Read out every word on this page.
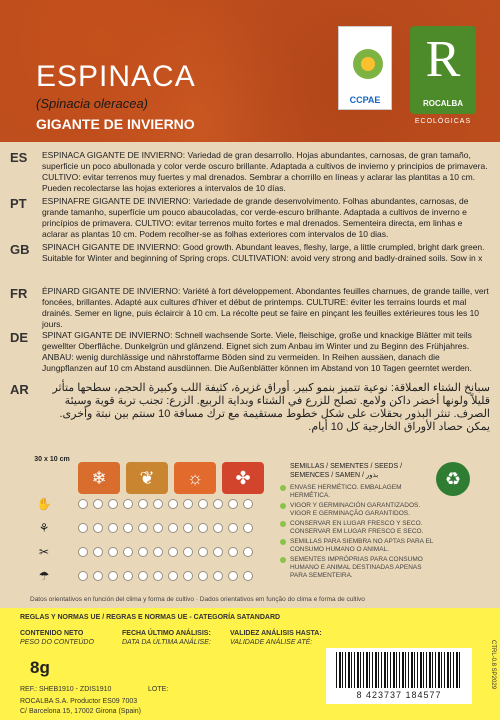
ESPINACA
(Spinacia oleracea)
GIGANTE DE INVIERNO
CCPAE
R
ROCALBA
ECOLÓGICAS
ES	ESPINACA GIGANTE DE INVIERNO: Variedad de gran desarrollo. Hojas abundantes, carnosas, de gran tamaño, superficie un poco abullonada y color verde oscuro brillante. Adaptada a cultivos de invierno y principios de primavera. CULTIVO: evitar terrenos muy fuertes y mal drenados. Sembrar a chorrillo en líneas y aclarar las plantitas a 10 cm. Pueden recolectarse las hojas exteriores a intervalos de 10 días.
PT	ESPINAFRE GIGANTE DE INVIERNO: Variedade de grande desenvolvimento. Folhas abundantes, carnosas, de grande tamanho, superfície um pouco abaucoladas, cor verde-escuro brilhante. Adaptada a cultivos de inverno e princípios de primavera. CULTIVO: evitar terrenos muito fortes e mal drenados. Sementeira directa, em linhas e aclarar as plantas 10 cm. Podem recolher-se as folhas exteriores com intervalos de 10 dias.
GB	SPINACH GIGANTE DE INVIERNO: Good growth. Abundant leaves, fleshy, large, a little crumpled, bright dark green. Suitable for Winter and beginning of Spring crops. CULTIVATION: avoid very strong and badly-drained soils. Sow in x
FR	ÉPINARD GIGANTE DE INVIERNO: Variété à fort développement. Abondantes feuilles charnues, de grande taille, vert foncées, brillantes. Adapté aux cultures d'hiver et début de printemps. CULTURE: éviter les terrains lourds et mal drainés. Semer en ligne, puis éclaircir à 10 cm. La récolte peut se faire en pinçant les feuilles extérieures tous les 10 jours.
DE	SPINAT GIGANTE DE INVIERNO: Schnell wachsende Sorte. Viele, fleischige, große und knackige Blätter mit teils gewellter Oberfläche. Dunkelgrün und glänzend. Eignet sich zum Anbau im Winter und zu Beginn des Frühjahres. ANBAU: wenig durchlässige und nährstoffarme Böden sind zu vermeiden. In Reihen aussäen, danach die Jungpflanzen auf 10 cm Abstand ausdünnen. Die Außenblätter können im Abstand von 10 Tagen geerntet werden.
AR	سبانخ الشتاء العملاقة: نوعية تتميز بنمو كبير. أوراق غزيرة، كثيفة اللب وكبيرة الحجم، سطحها متأثر قليلاً ولونها أخضر داكن ولامع. تصلح للزرع في الشتاء وبداية الربيع. الزرع: تجنب تربة قوية وسيئة الصرف. تنثر البذور بحقلات على شكل خطوط مستقيمة مع ترك مسافة 10 سنتم بين نبتة وأخرى. يمكن حصاد الأوراق الخارجية كل 10 أيام.
30 x 10 cm
❄	❦	☼	✤
✋
⚘
✂
☂
SEMILLAS / SEMENTES / SEEDS /
SEMENCES / SAMEN / بذور
ENVASE HERMÉTICO. EMBALAGEM HERMÉTICA.
VIGOR Y GERMINACIÓN GARANTIZADOS. VIGOR E GERMINAÇÃO GARANTIDOS.
CONSERVAR EN LUGAR FRESCO Y SECO. CONSERVAR EM LUGAR FRESCO E SECO.
SEMILLAS PARA SIEMBRA NO APTAS PARA EL CONSUMO HUMANO O ANIMAL.
SEMENTES IMPRÓPRIAS PARA CONSUMO HUMANO E ANIMAL DESTINADAS APENAS PARA SEMENTEIRA.
♻
Datos orientativos en función del clima y forma de cultivo · Dados orientativos em função do clima e forma de cultivo
REGLAS Y NORMAS UE / REGRAS E NORMAS UE - CATEGORÍA SATANDARD
CONTENIDO NETO
PESO DO CONTEÚDO
8g
FECHA ÚLTIMO ANÁLISIS:
DATA DA ÚLTIMA ANÁLISE:
VALIDEZ ANÁLISIS HASTA:
VALIDADE ANÁLISE ATÉ:
REF.: SHEB1910 - ZDIS1910	LOTE:
ROCALBA S.A. Productor ES09 7003
C/ Barcelona 15, 17002 Girona (Spain)
8 423737 184577
CTRL-0.8 SP2029
